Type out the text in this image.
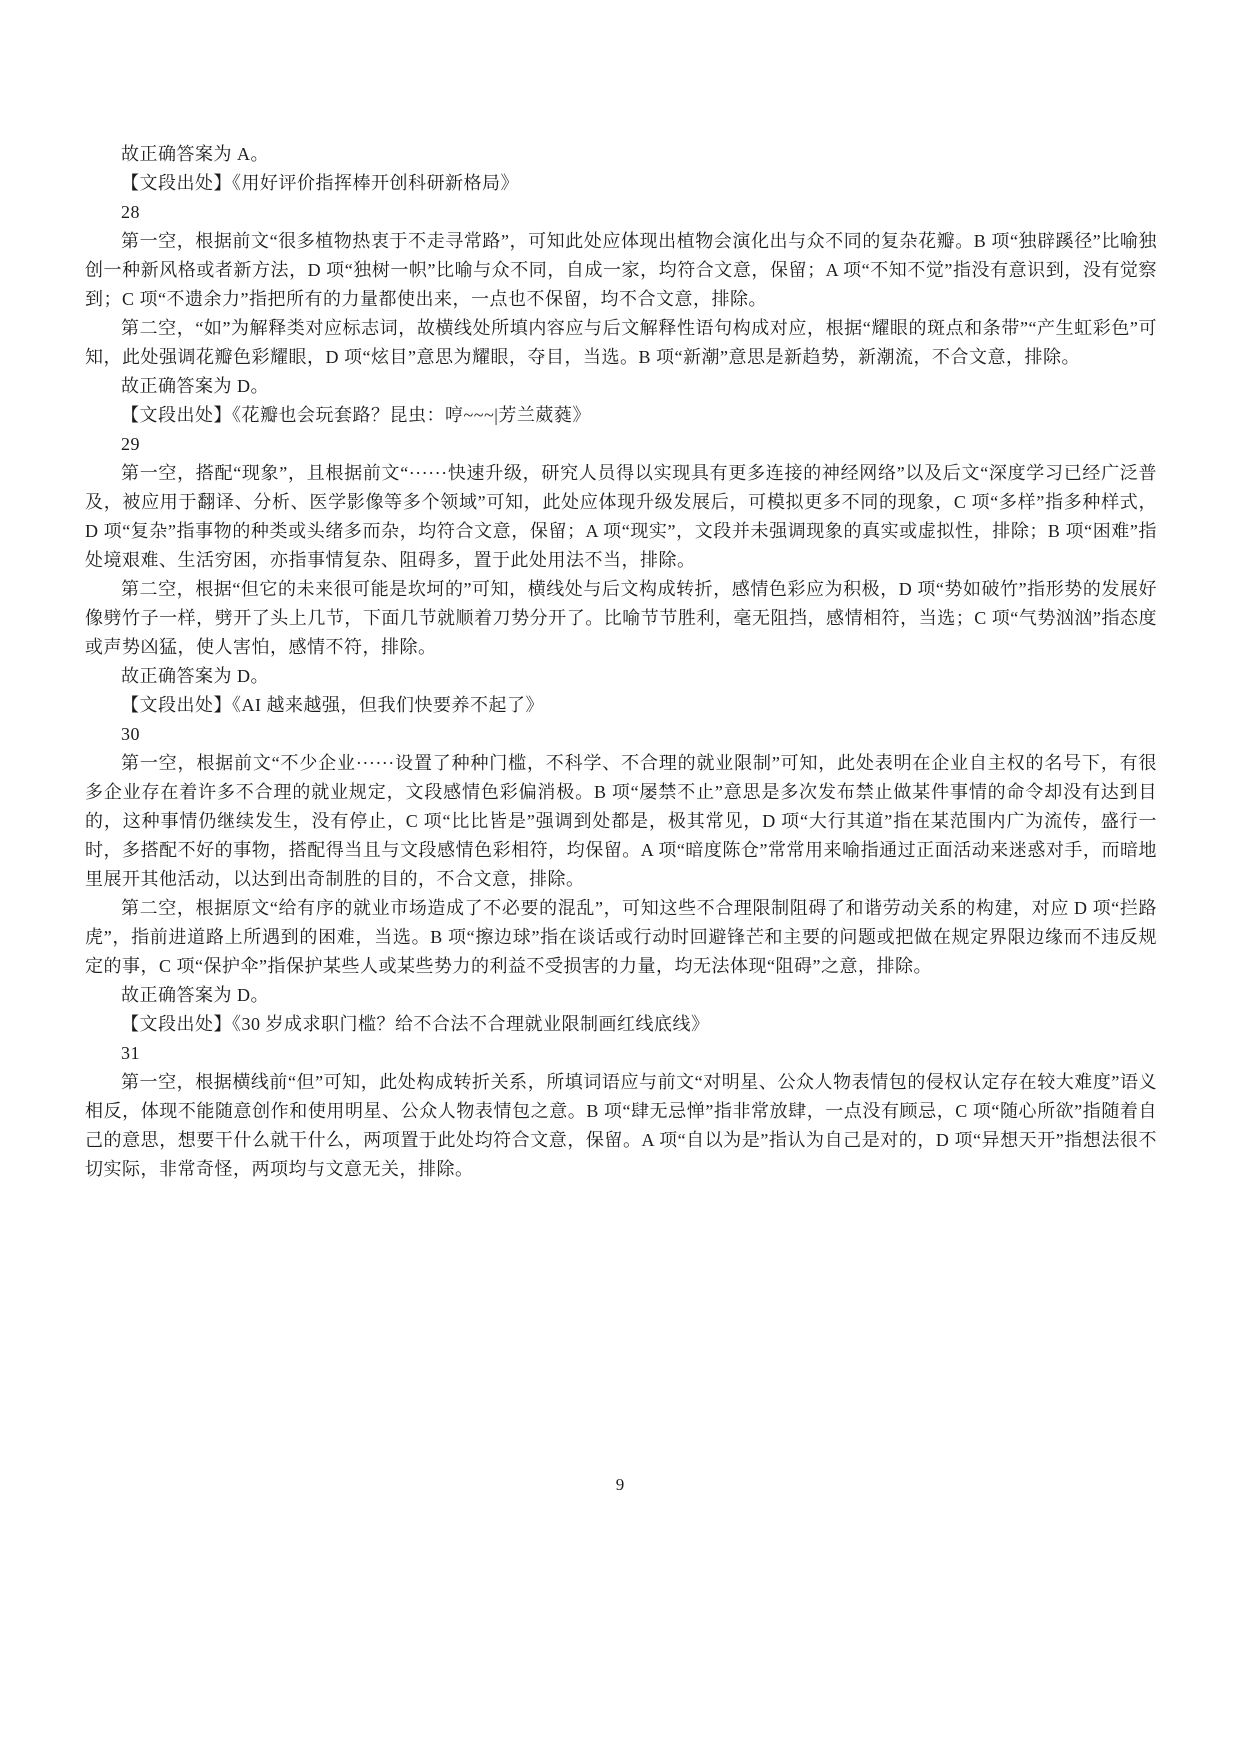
故正确答案为 A。

【文段出处】《用好评价指挥棒开创科研新格局》

28

第一空，根据前文“很多植物热衷于不走寻常路”，可知此处应体现出植物会演化出与众不同的复杂花瓣。B 项“独辟蹊径”比喻独创一种新风格或者新方法，D 项“独树一帜”比喻与众不同，自成一家，均符合文意，保留；A 项“不知不觉”指没有意识到，没有觉察到；C 项“不遗余力”指把所有的力量都使出来，一点也不保留，均不合文意，排除。

第二空，“如”为解释类对应标志词，故横线处所填内容应与后文解释性语句构成对应，根据“耀眼的斑点和条带”“产生虹彩色”可知，此处强调花瓣色彩耀眼，D 项“炫目”意思为耀眼，夺目，当选。B 项“新潮”意思是新趋势，新潮流，不合文意，排除。

故正确答案为 D。

【文段出处】《花瓣也会玩套路？昆虫：哼~~~|芳兰葳蕤》

29

第一空，搭配“现象”，且根据前文“······快速升级，研究人员得以实现具有更多连接的神经网络”以及后文“深度学习已经广泛普及，被应用于翻译、分析、医学影像等多个领域”可知，此处应体现升级发展后，可模拟更多不同的现象，C 项“多样”指多种样式，D 项“复杂”指事物的种类或头绪多而杂，均符合文意，保留；A 项“现实”，文段并未强调现象的真实或虚拟性，排除；B 项“困难”指处境艰难、生活穷困，亦指事情复杂、阻碍多，置于此处用法不当，排除。

第二空，根据“但它的未来很可能是坎坷的”可知，横线处与后文构成转折，感情色彩应为积极，D 项“势如破竹”指形势的发展好像劈竹子一样，劈开了头上几节，下面几节就顺着刀势分开了。比喻节节胜利，毫无阻挡，感情相符，当选；C 项“气势汹汹”指态度或声势凶猛，使人害怕，感情不符，排除。

故正确答案为 D。

【文段出处】《AI 越来越强，但我们快要养不起了》

30

第一空，根据前文“不少企业······设置了种种门槛，不科学、不合理的就业限制”可知，此处表明在企业自主权的名号下，有很多企业存在着许多不合理的就业规定，文段感情色彩偏消极。B 项“屡禁不止”意思是多次发布禁止做某件事情的命令却没有达到目的，这种事情仍继续发生，没有停止，C 项“比比皆是”强调到处都是，极其常见，D 项“大行其道”指在某范围内广为流传，盛行一时，多搭配不好的事物，搭配得当且与文段感情色彩相符，均保留。A 项“暗度陈仓”常常用来喻指通过正面活动来迷惑对手，而暗地里展开其他活动，以达到出奇制胜的目的，不合文意，排除。

第二空，根据原文“给有序的就业市场造成了不必要的混乱”，可知这些不合理限制阻碍了和谐劳动关系的构建，对应 D 项“拦路虎”，指前进道路上所遇到的困难，当选。B 项“擦边球”指在谈话或行动时回避锋芒和主要的问题或把做在规定界限边缘而不违反规定的事，C 项“保护伞”指保护某些人或某些势力的利益不受损害的力量，均无法体现“阻碍”之意，排除。

故正确答案为 D。

【文段出处】《30 岁成求职门槛？给不合法不合理就业限制画红线底线》

31

第一空，根据横线前“但”可知，此处构成转折关系，所填词语应与前文“对明星、公众人物表情包的侵权认定存在较大难度”语义相反，体现不能随意创作和使用明星、公众人物表情包之意。B 项“肆无忌惮”指非常放肆，一点没有顾忌，C 项“随心所欲”指随着自己的意思，想要干什么就干什么，两项置于此处均符合文意，保留。A 项“自以为是”指认为自己是对的，D 项“异想天开”指想法很不切实际，非常奇怪，两项均与文意无关，排除。

9
